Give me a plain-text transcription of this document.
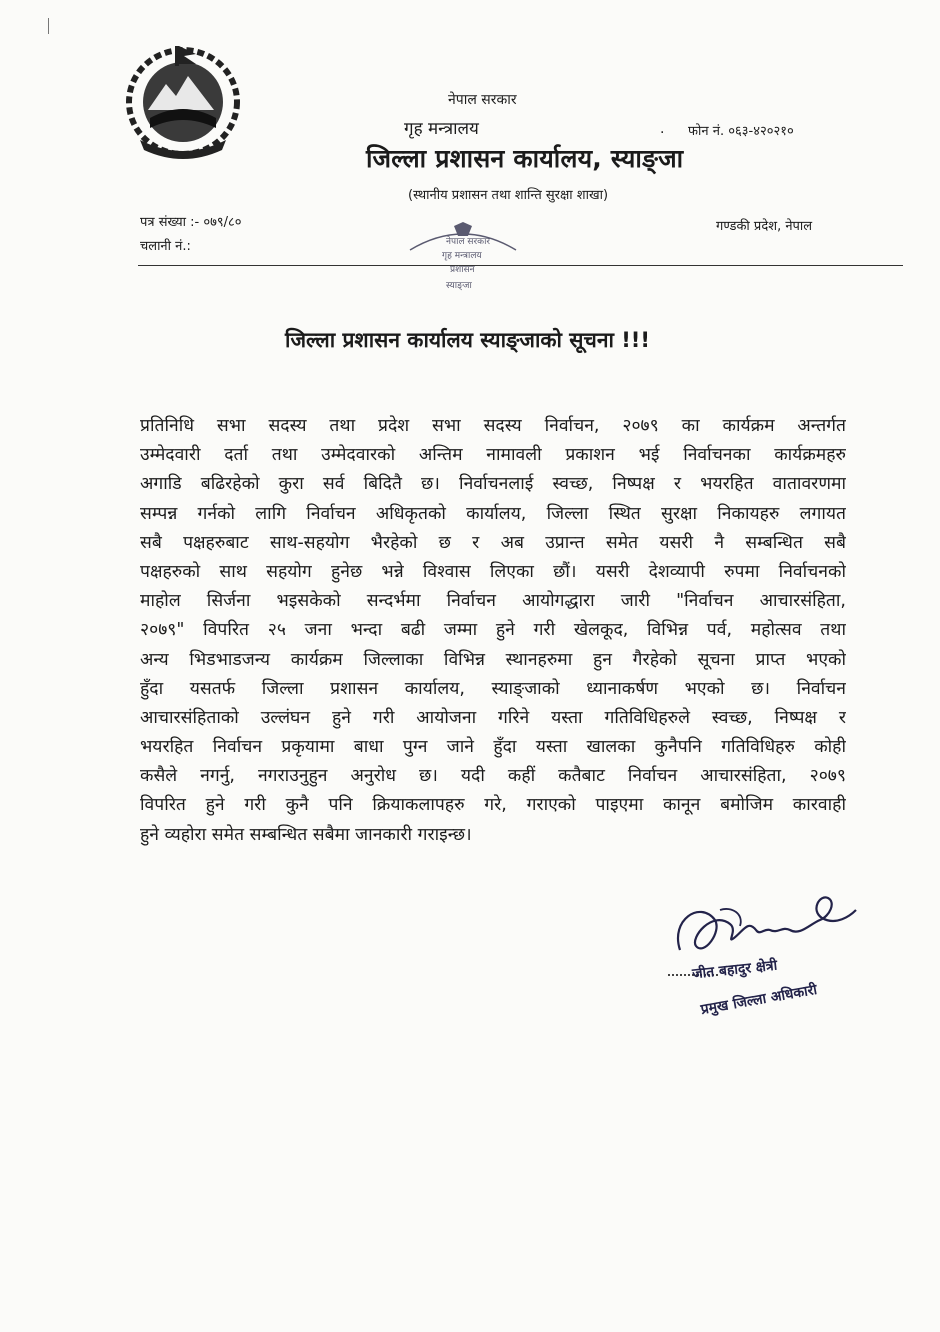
नेपाल सरकार
गृह मन्त्रालय	. फोन नं. ०६३-४२०२१०
जिल्ला प्रशासन कार्यालय, स्याङ्जा
(स्थानीय प्रशासन तथा शान्ति सुरक्षा शाखा)
पत्र संख्या :- ०७९/८०
चलानी नं.:
गण्डकी प्रदेश, नेपाल
नेपाल सरकार
गृह मन्त्रालय
प्रशासन
स्याङ्जा
जिल्ला प्रशासन कार्यालय स्याङ्जाको सूचना !!!
प्रतिनिधि सभा सदस्य तथा प्रदेश सभा सदस्य निर्वाचन, २०७९ का कार्यक्रम अन्तर्गत
उम्मेदवारी दर्ता तथा उम्मेदवारको अन्तिम नामावली प्रकाशन भई निर्वाचनका कार्यक्रमहरु
अगाडि बढिरहेको कुरा सर्व बिदितै छ। निर्वाचनलाई स्वच्छ, निष्पक्ष र भयरहित वातावरणमा
सम्पन्न गर्नको लागि निर्वाचन अधिकृतको कार्यालय, जिल्ला स्थित सुरक्षा निकायहरु लगायत
सबै पक्षहरुबाट साथ-सहयोग भैरहेको छ र अब उप्रान्त समेत यसरी नै सम्बन्धित सबै
पक्षहरुको साथ सहयोग हुनेछ भन्ने विश्वास लिएका छौं। यसरी देशव्यापी रुपमा निर्वाचनको
माहोल सिर्जना भइसकेको सन्दर्भमा निर्वाचन आयोगद्धारा जारी "निर्वाचन आचारसंहिता,
२०७९" विपरित २५ जना भन्दा बढी जम्मा हुने गरी खेलकूद, विभिन्न पर्व, महोत्सव तथा
अन्य भिडभाडजन्य कार्यक्रम जिल्लाका विभिन्न स्थानहरुमा हुन गैरहेको सूचना प्राप्त भएको
हुँदा यसतर्फ जिल्ला प्रशासन कार्यालय, स्याङ्जाको ध्यानाकर्षण भएको छ। निर्वाचन
आचारसंहिताको उल्लंघन हुने गरी आयोजना गरिने यस्ता गतिविधिहरुले स्वच्छ, निष्पक्ष र
भयरहित निर्वाचन प्रकृयामा बाधा पुग्न जाने हुँदा यस्ता खालका कुनैपनि गतिविधिहरु कोही
कसैले नगर्नु, नगराउनुहुन अनुरोध छ। यदी कहीं कतैबाट निर्वाचन आचारसंहिता, २०७९
विपरित हुने गरी कुनै पनि क्रियाकलापहरु गरे, गराएको पाइएमा कानून बमोजिम कारवाही
हुने व्यहोरा समेत सम्बन्धित सबैमा जानकारी गराइन्छ।
जीत बहादुर क्षेत्री
प्रमुख जिल्ला अधिकारी
